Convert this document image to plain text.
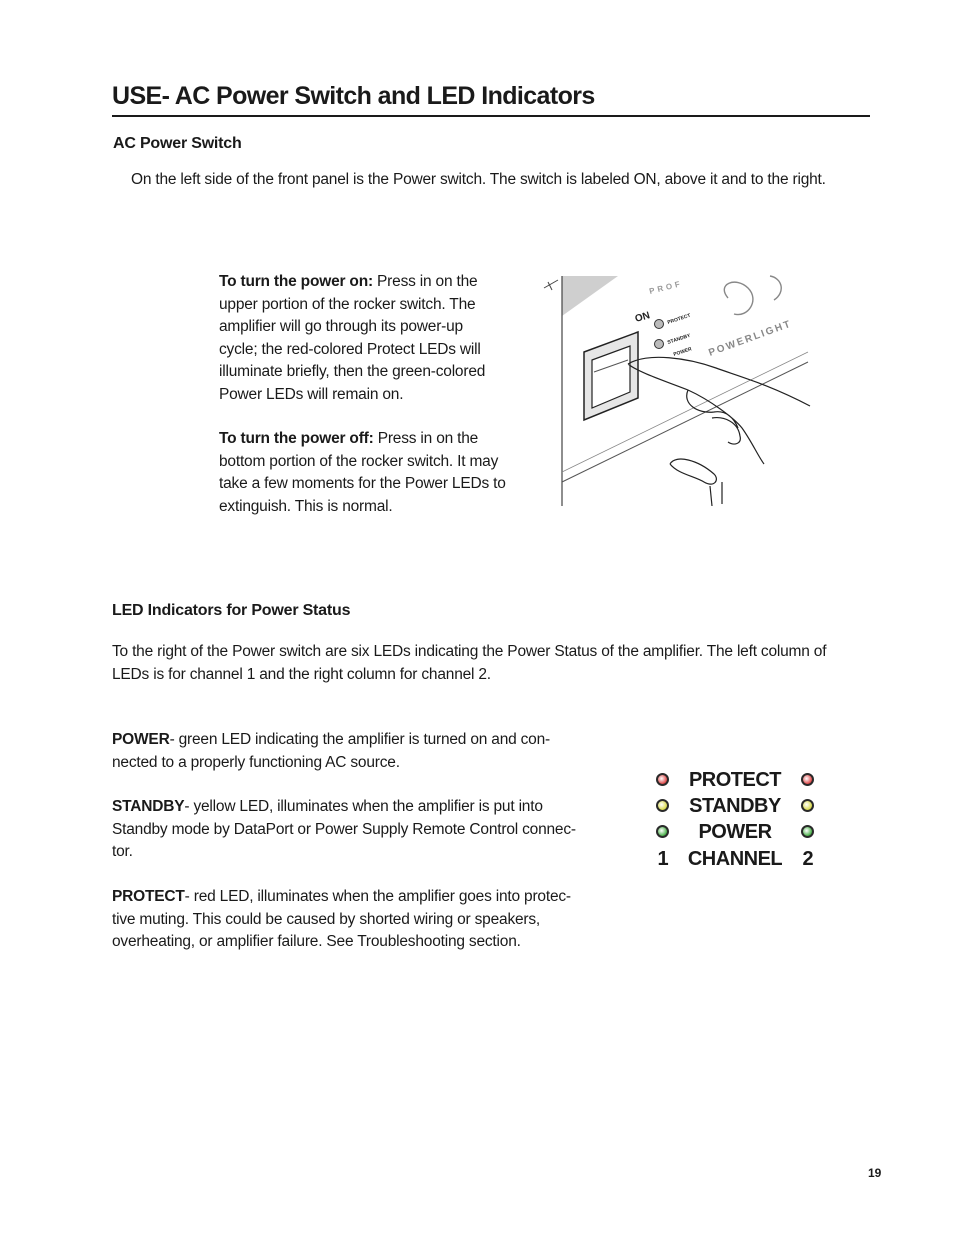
USE- AC Power Switch and LED Indicators
AC Power Switch
On the left side of the front panel is the Power switch. The switch is labeled ON, above it and to the right.
To turn the power on: Press in on the
upper portion of the rocker switch. The
amplifier will go through its power-up
cycle; the red-colored Protect LEDs will
illuminate briefly, then the green-colored
Power LEDs will remain on.
To turn the power off: Press in on the
bottom portion of the rocker switch. It may
take a few moments for the Power LEDs to
extinguish. This is normal.
PROF
POWERLIGHT
ON	PROTECT
STANDBY
POWER
LED Indicators for Power Status
To the right of the Power switch are six LEDs indicating the Power Status of the amplifier. The left column of
LEDs is for channel 1 and the right column for channel 2.
POWER- green LED indicating the amplifier is turned on and con-
nected to a properly functioning AC source.
STANDBY- yellow LED, illuminates when the amplifier is put into
Standby mode by DataPort or Power Supply Remote Control connec-
tor.
PROTECT- red LED, illuminates when the amplifier goes into protec-
tive muting. This could be caused by shorted wiring or speakers,
overheating, or amplifier failure. See Troubleshooting section.
PROTECT
STANDBY
POWER
1 CHANNEL	2
19
